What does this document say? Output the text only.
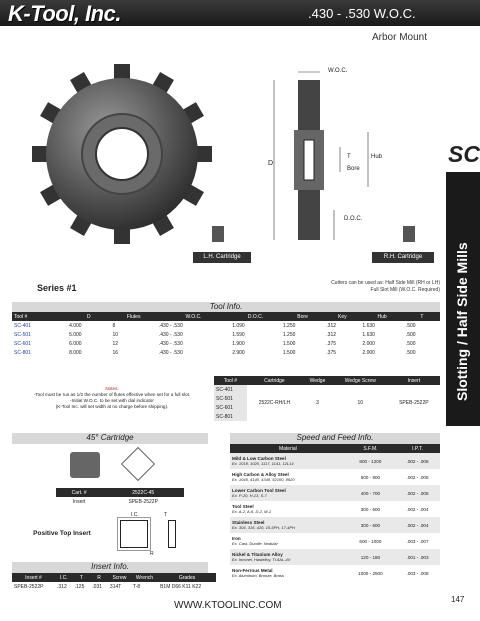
K-Tool, Inc.	.430 - .530 W.O.C.
Arbor Mount
SC
Slotting / Half Side Mills
W.O.C.
D
T
Bore
Hub
D.O.C.
L.H. Cartridge	R.H. Cartridge
Series #1	Cutters can be used as: Half Side Mill (RH or LH)
Full Slot Mill (W.O.C. Required)
Tool Info.
Tool #	D	Flutes	W.O.C.	D.O.C.	Bore	Key	Hub	T
SC-401	4.000	8	.430 - .530	1.090	1.250	.312	1.630	.500
SC-501	5.000	10	.430 - .530	1.590	1.250	.312	1.630	.500
SC-601	6.000	12	.430 - .530	1.900	1.500	.375	2.000	.500
SC-801	8.000	16	.430 - .530	2.900	1.500	.375	2.000	.500
Tool #	Cartridge	Wedge	Wedge Screw	Insert
SC-401	2522C-RH/LH	3	10	SPEB-2522P
SC-501				
SC-601				
SC-801				
Notes:
-Tool must be run as 1/2 the number of flutes effective when set for a full slot.
-Initial W.O.C. to be set with dial indicator
(K-Tool Inc. will set width at no charge before shipping).
45° Cartridge
Cart. #	2522C-45
Insert	SPEB-2522P
Positive Top Insert
I.C.	T
R
Insert Info.
Insert #	I.C.	T	R	Screw	Wrench	Grades
SPEB-2522P	.312	.125	.031	314T	T-8	B1M D66 K11 K22
Speed and Feed Info.
Material	S.F.M.	I.P.T.

Mild & Low Carbon Steel
Ex. 1018, 1020, 1117, 1141, 12L14	800 - 1200	.002 - .006

High Carbon & Alloy Steel
Ex. 1045, 4140, 4340, 52100, 8620	500 - 800	.002 - .005

Lower Carbon Tool Steel
Ex. P-20, H-13, S-7	400 - 700	.002 - .005

Tool Steel
Ex. A-2, A-6, D-2, M-2	300 - 600	.002 - .004

Stainless Steel
Ex. 304, 316, 420, 15-5PH, 17-4PH	300 - 600	.002 - .004

Iron
Ex. Cast, Ductile, Nodular	600 - 1000	.003 - .007

Nickel & Titanium Alloy
Ex. Inconel, Hastelloy, Ti-6AL-4V	120 - 180	.001 - .003

Non-Ferrous Metal
Ex. Aluminum, Bronze, Brass	1000 - 2500	.003 - .008
WWW.KTOOLINC.COM
147
